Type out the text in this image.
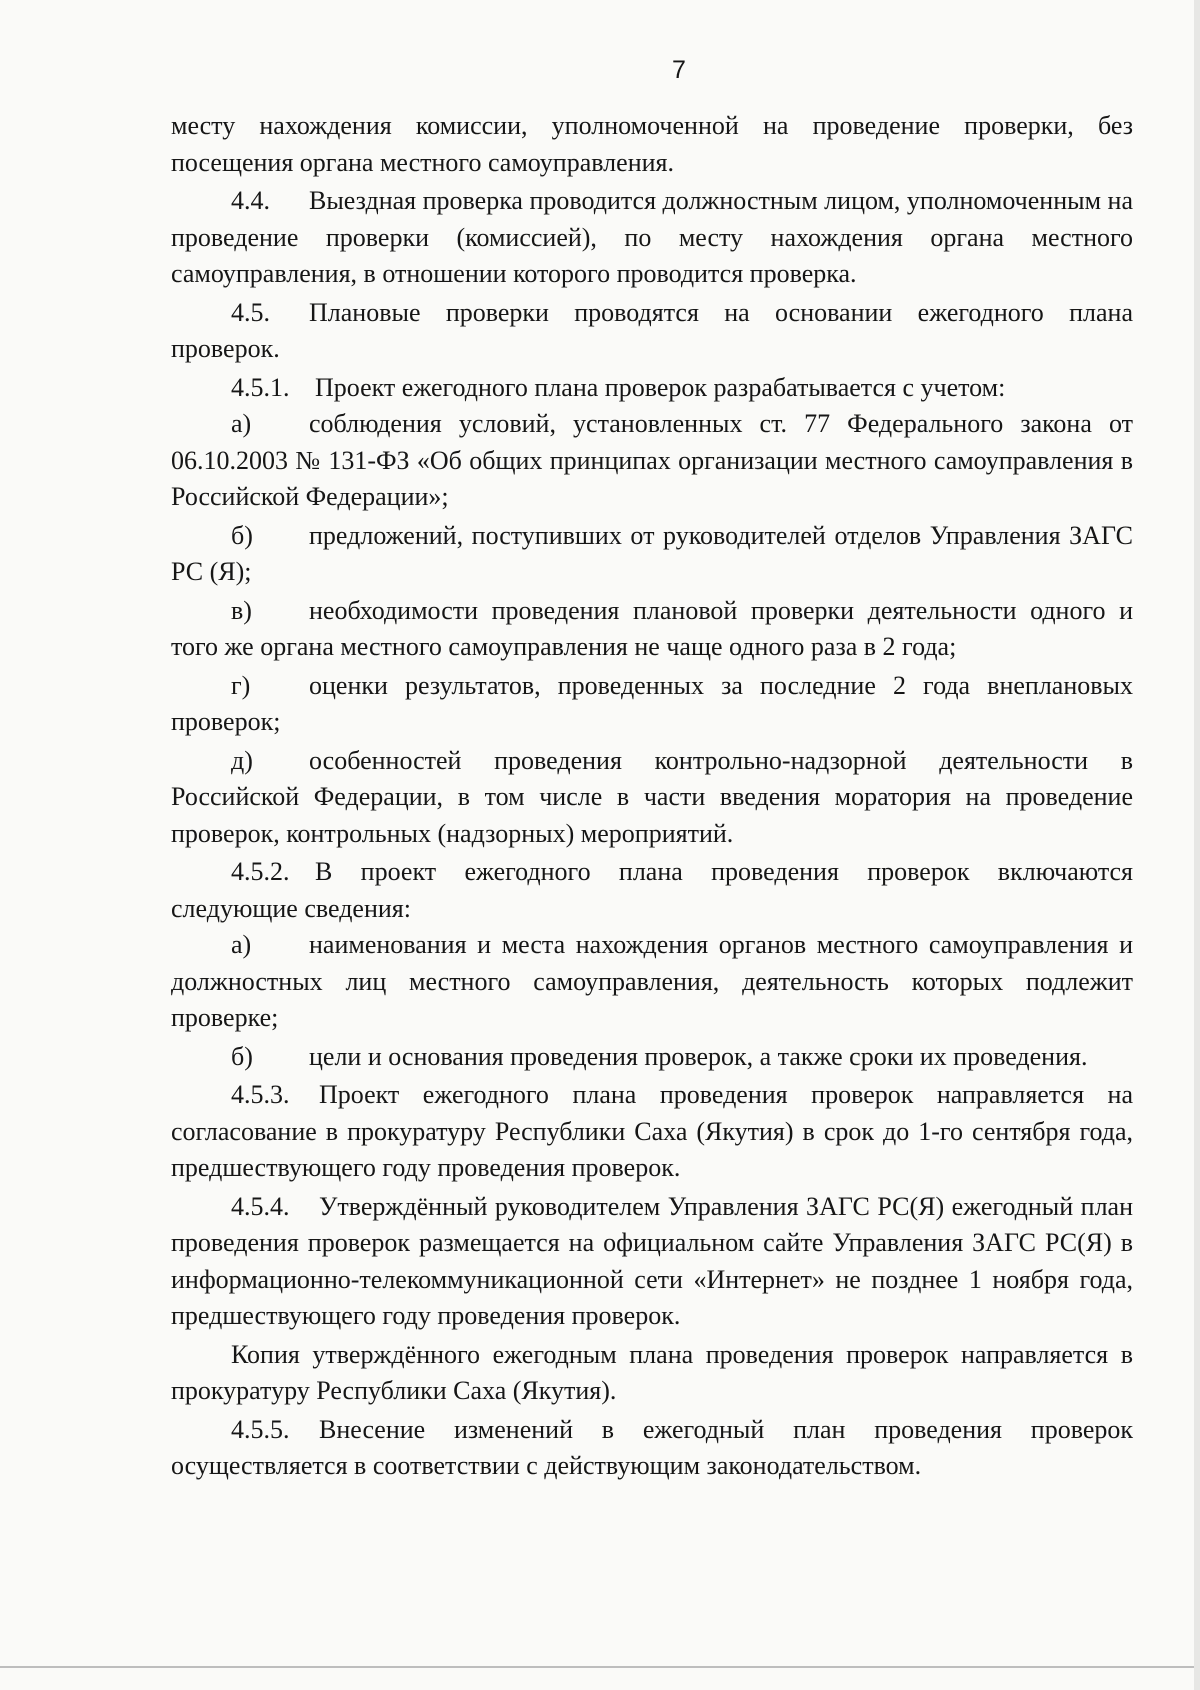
7

месту нахождения комиссии, уполномоченной на проведение проверки, без посещения органа местного самоуправления.

4.4. Выездная проверка проводится должностным лицом, уполномоченным на проведение проверки (комиссией), по месту нахождения органа местного самоуправления, в отношении которого проводится проверка.

4.5. Плановые проверки проводятся на основании ежегодного плана проверок.

4.5.1. Проект ежегодного плана проверок разрабатывается с учетом:

а) соблюдения условий, установленных ст. 77 Федерального закона от 06.10.2003 № 131-ФЗ «Об общих принципах организации местного самоуправления в Российской Федерации»;

б) предложений, поступивших от руководителей отделов Управления ЗАГС РС (Я);

в) необходимости проведения плановой проверки деятельности одного и того же органа местного самоуправления не чаще одного раза в 2 года;

г) оценки результатов, проведенных за последние 2 года внеплановых проверок;

д) особенностей проведения контрольно-надзорной деятельности в Российской Федерации, в том числе в части введения моратория на проведение проверок, контрольных (надзорных) мероприятий.

4.5.2. В проект ежегодного плана проведения проверок включаются следующие сведения:

а) наименования и места нахождения органов местного самоуправления и должностных лиц местного самоуправления, деятельность которых подлежит проверке;

б) цели и основания проведения проверок, а также сроки их проведения.

4.5.3. Проект ежегодного плана проведения проверок направляется на согласование в прокуратуру Республики Саха (Якутия) в срок до 1-го сентября года, предшествующего году проведения проверок.

4.5.4. Утверждённый руководителем Управления ЗАГС РС(Я) ежегодный план проведения проверок размещается на официальном сайте Управления ЗАГС РС(Я) в информационно-телекоммуникационной сети «Интернет» не позднее 1 ноября года, предшествующего году проведения проверок.

Копия утверждённого ежегодным плана проведения проверок направляется в прокуратуру Республики Саха (Якутия).

4.5.5. Внесение изменений в ежегодный план проведения проверок осуществляется в соответствии с действующим законодательством.
